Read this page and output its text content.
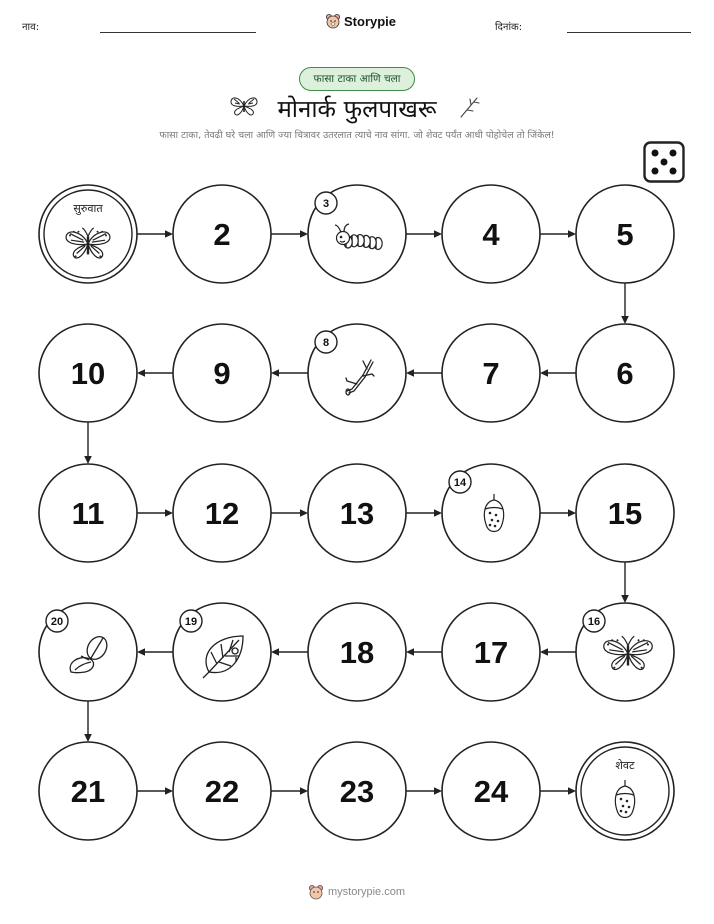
नाव:	Storypie	दिनांक:
फासा टाका आणि चला
मोनार्क फुलपाखरू
फासा टाका, तेवढी घरे चला आणि ज्या चित्रावर उतरलात त्याचे नाव सांगा. जो शेवट पर्यंत आधी पोहोचेल तो जिंकेल!
सुरुवात
2
3
4	5
6
7
8
9
10
11	12	13
14
15
16
17
18
19
20
21	22	23	24
शेवट
mystorypie.com
